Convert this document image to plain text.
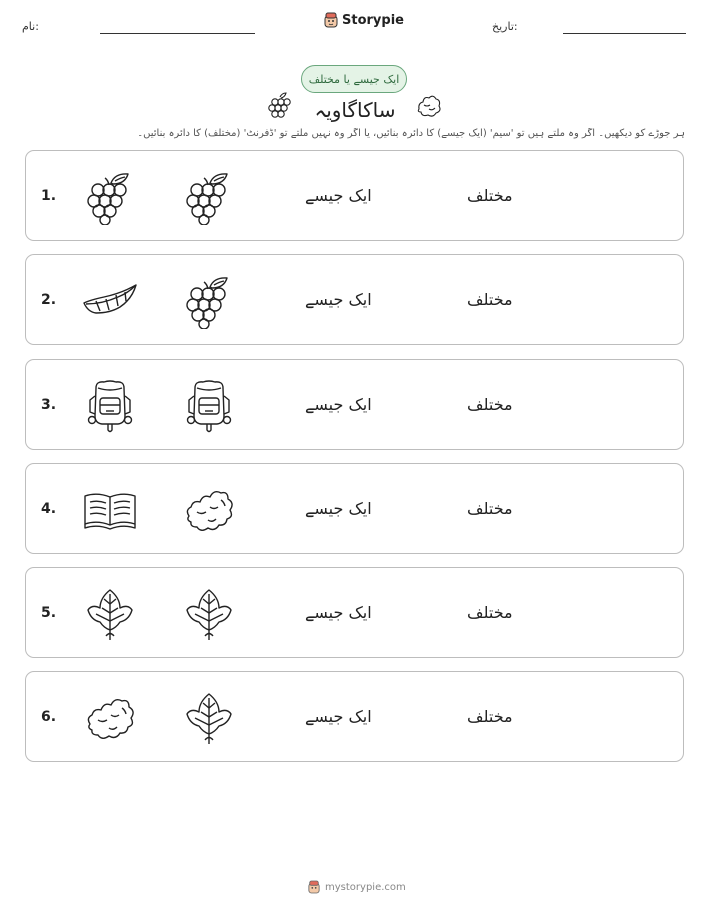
نام:	Storypie	تاریخ:
ایک جیسے یا مختلف
ساکاگاویہ
ہر جوڑے کو دیکھیں۔ اگر وہ ملتے ہیں تو 'سیم' (ایک جیسے) کا دائرہ بنائیں، یا اگر وہ نہیں ملتے تو 'ڈفرنٹ' (مختلف) کا دائرہ بنائیں۔
1.	ایک جیسے	مختلف
2.	ایک جیسے	مختلف
3.	ایک جیسے	مختلف
4.	ایک جیسے	مختلف
5.	ایک جیسے	مختلف
6.	ایک جیسے	مختلف
mystorypie.com
